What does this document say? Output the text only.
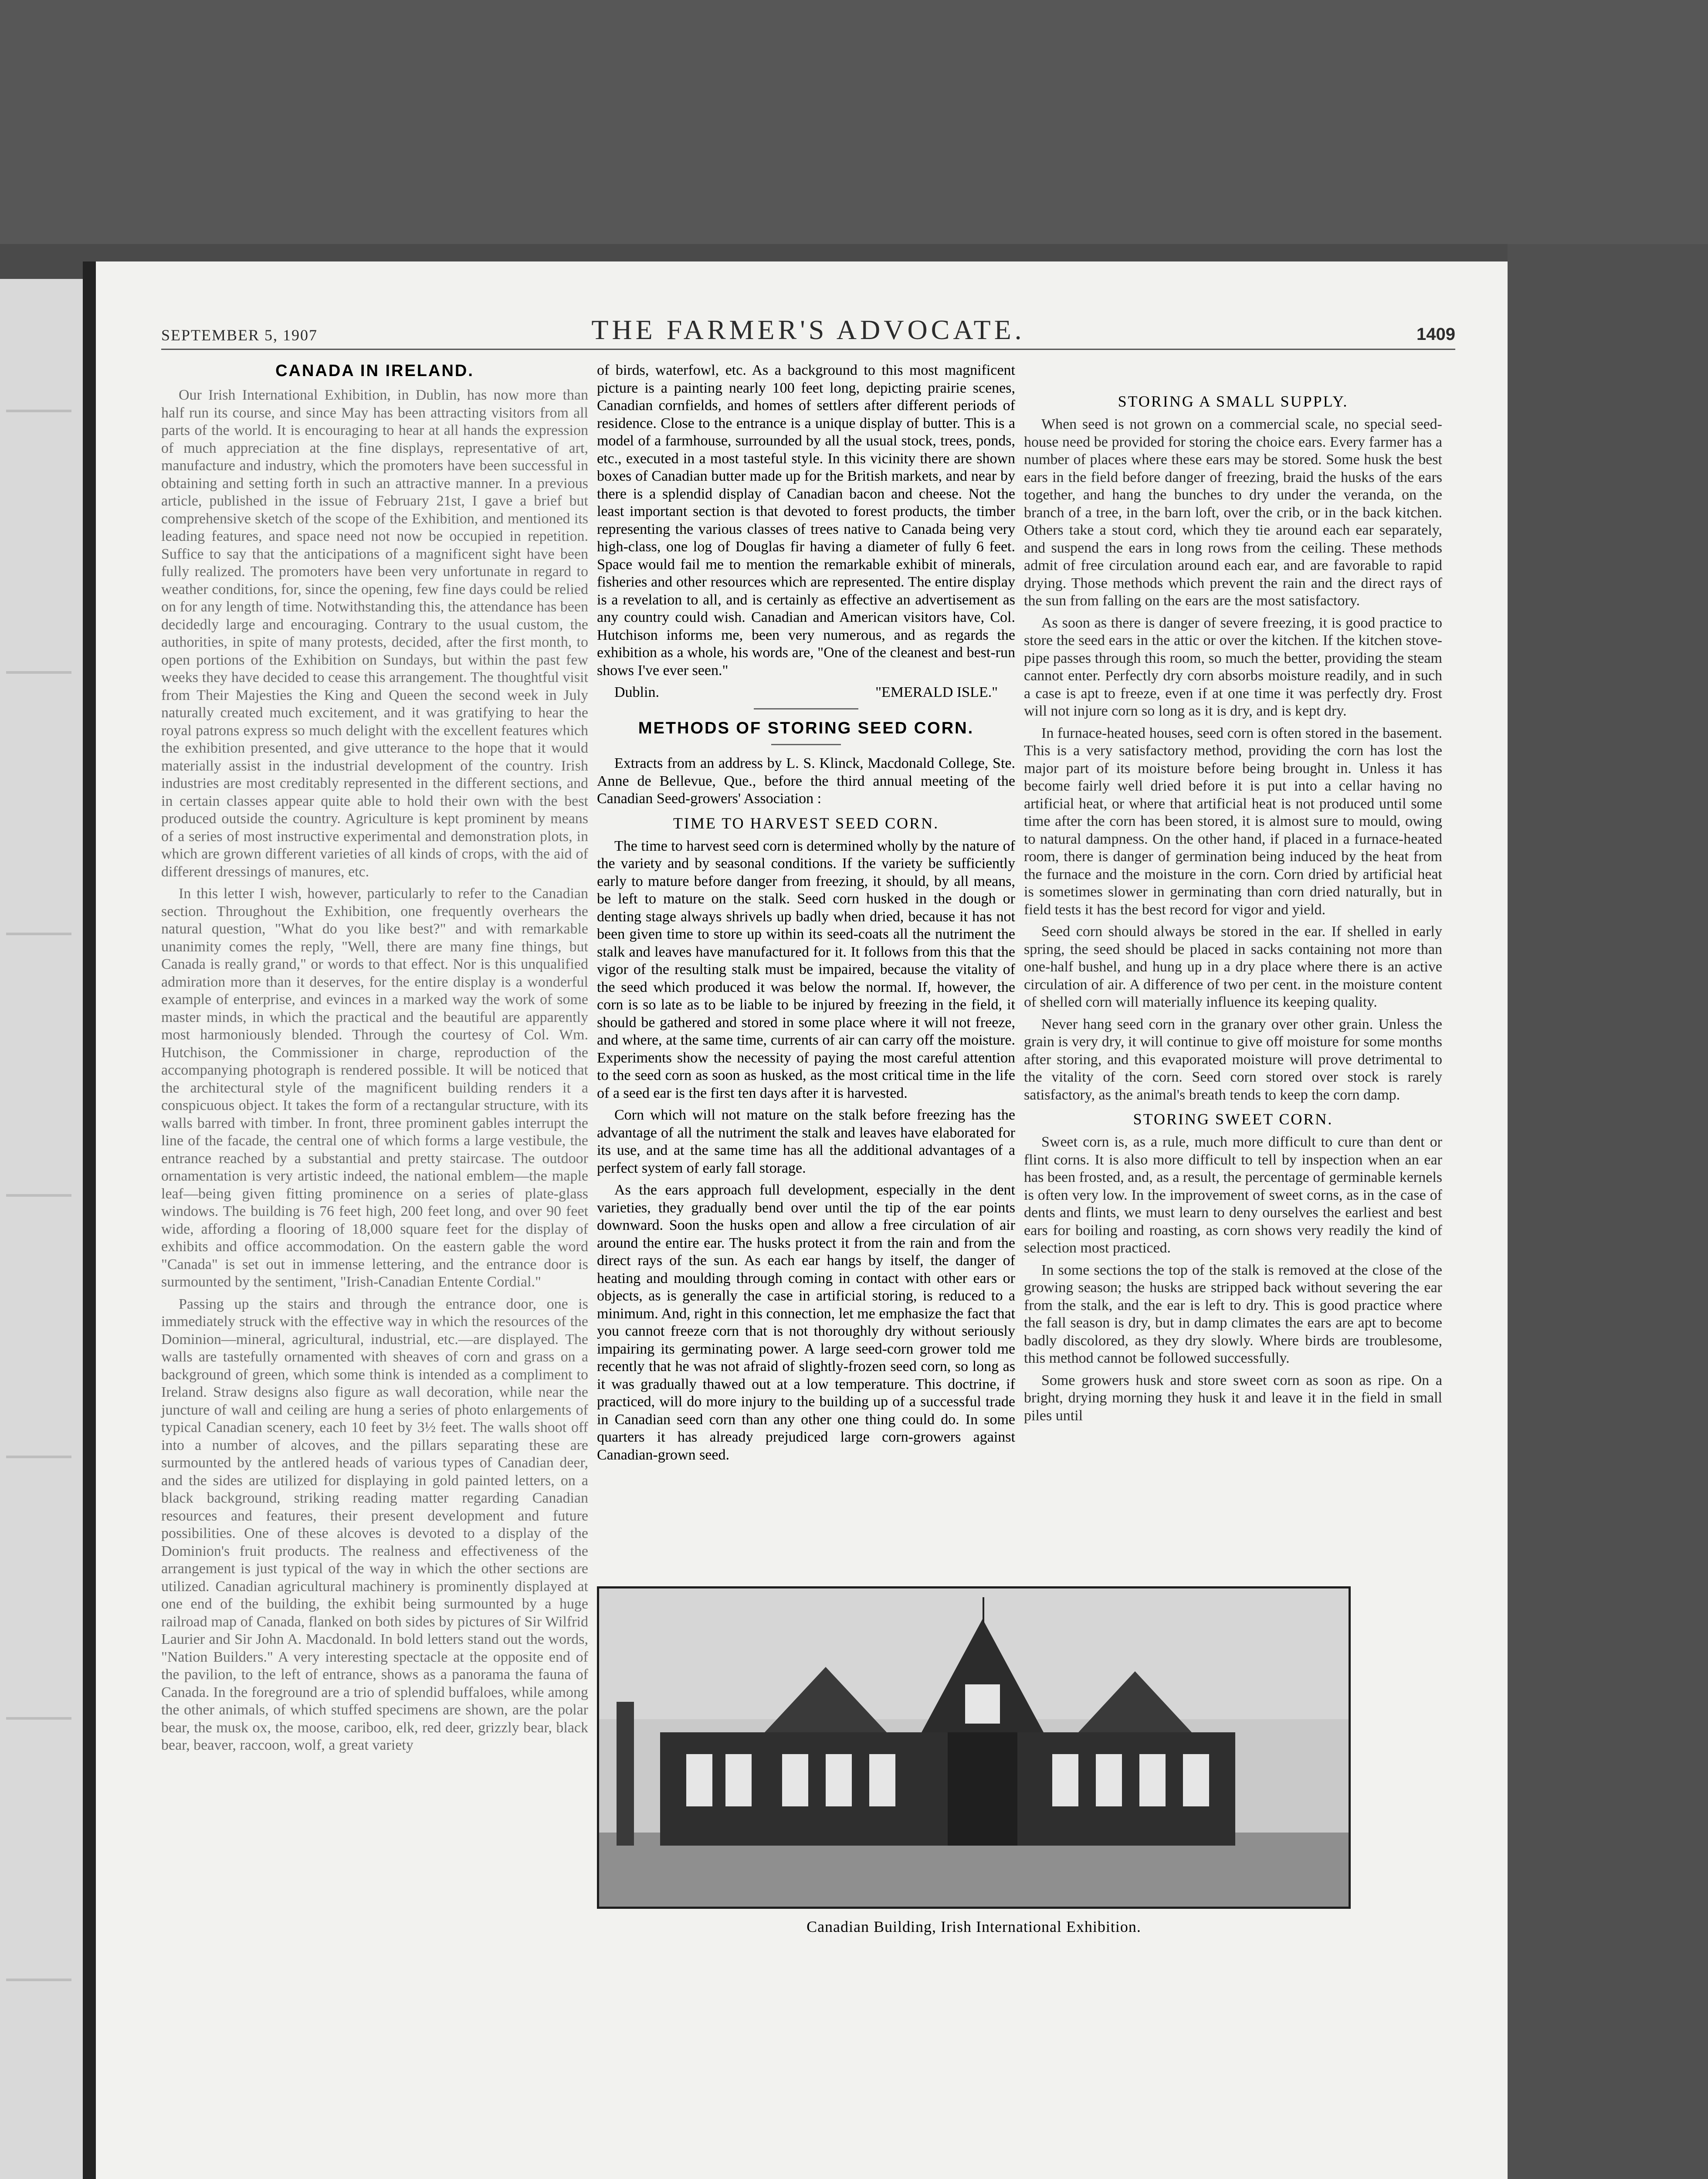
SEPTEMBER 5, 1907	THE FARMER'S ADVOCATE.	1409
CANADA IN IRELAND.

Our Irish International Exhibition, in Dublin, has now more than half run its course, and since May has been attracting visitors from all parts of the world. It is encouraging to hear at all hands the expression of much appreciation at the fine displays, representative of art, manufacture and industry, which the promoters have been successful in obtaining and setting forth in such an attractive manner. In a previous article, published in the issue of February 21st, I gave a brief but comprehensive sketch of the scope of the Exhibition, and mentioned its leading features, and space need not now be occupied in repetition. Suffice to say that the anticipations of a magnificent sight have been fully realized. The promoters have been very unfortunate in regard to weather conditions, for, since the opening, few fine days could be relied on for any length of time. Notwithstanding this, the attendance has been decidedly large and encouraging. Contrary to the usual custom, the authorities, in spite of many protests, decided, after the first month, to open portions of the Exhibition on Sundays, but within the past few weeks they have decided to cease this arrangement. The thoughtful visit from Their Majesties the King and Queen the second week in July naturally created much excitement, and it was gratifying to hear the royal patrons express so much delight with the excellent features which the exhibition presented, and give utterance to the hope that it would materially assist in the industrial development of the country. Irish industries are most creditably represented in the different sections, and in certain classes appear quite able to hold their own with the best produced outside the country. Agriculture is kept prominent by means of a series of most instructive experimental and demonstration plots, in which are grown different varieties of all kinds of crops, with the aid of different dressings of manures, etc.

In this letter I wish, however, particularly to refer to the Canadian section. Throughout the Exhibition, one frequently overhears the natural question, "What do you like best?" and with remarkable unanimity comes the reply, "Well, there are many fine things, but Canada is really grand," or words to that effect. Nor is this unqualified admiration more than it deserves, for the entire display is a wonderful example of enterprise, and evinces in a marked way the work of some master minds, in which the practical and the beautiful are apparently most harmoniously blended. Through the courtesy of Col. Wm. Hutchison, the Commissioner in charge, reproduction of the accompanying photograph is rendered possible. It will be noticed that the architectural style of the magnificent building renders it a conspicuous object. It takes the form of a rectangular structure, with its walls barred with timber. In front, three prominent gables interrupt the line of the facade, the central one of which forms a large vestibule, the entrance reached by a substantial and pretty staircase. The outdoor ornamentation is very artistic indeed, the national emblem—the maple leaf—being given fitting prominence on a series of plate-glass windows. The building is 76 feet high, 200 feet long, and over 90 feet wide, affording a flooring of 18,000 square feet for the display of exhibits and office accommodation. On the eastern gable the word "Canada" is set out in immense lettering, and the entrance door is surmounted by the sentiment, "Irish-Canadian Entente Cordial."

Passing up the stairs and through the entrance door, one is immediately struck with the effective way in which the resources of the Dominion—mineral, agricultural, industrial, etc.—are displayed. The walls are tastefully ornamented with sheaves of corn and grass on a background of green, which some think is intended as a compliment to Ireland. Straw designs also figure as wall decoration, while near the juncture of wall and ceiling are hung a series of photo enlargements of typical Canadian scenery, each 10 feet by 3½ feet. The walls shoot off into a number of alcoves, and the pillars separating these are surmounted by the antlered heads of various types of Canadian deer, and the sides are utilized for displaying in gold painted letters, on a black background, striking reading matter regarding Canadian resources and features, their present development and future possibilities. One of these alcoves is devoted to a display of the Dominion's fruit products. The realness and effectiveness of the arrangement is just typical of the way in which the other sections are utilized. Canadian agricultural machinery is prominently displayed at one end of the building, the exhibit being surmounted by a huge railroad map of Canada, flanked on both sides by pictures of Sir Wilfrid Laurier and Sir John A. Macdonald. In bold letters stand out the words, "Nation Builders." A very interesting spectacle at the opposite end of the pavilion, to the left of entrance, shows as a panorama the fauna of Canada. In the foreground are a trio of splendid buffaloes, while among the other animals, of which stuffed specimens are shown, are the polar bear, the musk ox, the moose, cariboo, elk, red deer, grizzly bear, black bear, beaver, raccoon, wolf, a great variety

of birds, waterfowl, etc. As a background to this most magnificent picture is a painting nearly 100 feet long, depicting prairie scenes, Canadian cornfields, and homes of settlers after different periods of residence. Close to the entrance is a unique display of butter. This is a model of a farmhouse, surrounded by all the usual stock, trees, ponds, etc., executed in a most tasteful style. In this vicinity there are shown boxes of Canadian butter made up for the British markets, and near by there is a splendid display of Canadian bacon and cheese. Not the least important section is that devoted to forest products, the timber representing the various classes of trees native to Canada being very high-class, one log of Douglas fir having a diameter of fully 6 feet. Space would fail me to mention the remarkable exhibit of minerals, fisheries and other resources which are represented. The entire display is a revelation to all, and is certainly as effective an advertisement as any country could wish. Canadian and American visitors have, Col. Hutchison informs me, been very numerous, and as regards the exhibition as a whole, his words are, "One of the cleanest and best-run shows I've ever seen."

Dublin.	"EMERALD ISLE."
METHODS OF STORING SEED CORN.

Extracts from an address by L. S. Klinck, Macdonald College, Ste. Anne de Bellevue, Que., before the third annual meeting of the Canadian Seed-growers' Association :

TIME TO HARVEST SEED CORN.

The time to harvest seed corn is determined wholly by the nature of the variety and by seasonal conditions. If the variety be sufficiently early to mature before danger from freezing, it should, by all means, be left to mature on the stalk. Seed corn husked in the dough or denting stage always shrivels up badly when dried, because it has not been given time to store up within its seed-coats all the nutriment the stalk and leaves have manufactured for it. It follows from this that the vigor of the resulting stalk must be impaired, because the vitality of the seed which produced it was below the normal. If, however, the corn is so late as to be liable to be injured by freezing in the field, it should be gathered and stored in some place where it will not freeze, and where, at the same time, currents of air can carry off the moisture. Experiments show the necessity of paying the most careful attention to the seed corn as soon as husked, as the most critical time in the life of a seed ear is the first ten days after it is harvested.

Corn which will not mature on the stalk before freezing has the advantage of all the nutriment the stalk and leaves have elaborated for its use, and at the same time has all the additional advantages of a perfect system of early fall storage.

As the ears approach full development, especially in the dent varieties, they gradually bend over until the tip of the ear points downward. Soon the husks open and allow a free circulation of air around the entire ear. The husks protect it from the rain and from the direct rays of the sun. As each ear hangs by itself, the danger of heating and moulding through coming in contact with other ears or objects, as is generally the case in artificial storing, is reduced to a minimum. And, right in this connection, let me emphasize the fact that you cannot freeze corn that is not thoroughly dry without seriously impairing its germinating power. A large seed-corn grower told me recently that he was not afraid of slightly-frozen seed corn, so long as it was gradually thawed out at a low temperature. This doctrine, if practiced, will do more injury to the building up of a successful trade in Canadian seed corn than any other one thing could do. In some quarters it has already prejudiced large corn-growers against Canadian-grown seed.

STORING A SMALL SUPPLY.

When seed is not grown on a commercial scale, no special seed-house need be provided for storing the choice ears. Every farmer has a number of places where these ears may be stored. Some husk the best ears in the field before danger of freezing, braid the husks of the ears together, and hang the bunches to dry under the veranda, on the branch of a tree, in the barn loft, over the crib, or in the back kitchen. Others take a stout cord, which they tie around each ear separately, and suspend the ears in long rows from the ceiling. These methods admit of free circulation around each ear, and are favorable to rapid drying. Those methods which prevent the rain and the direct rays of the sun from falling on the ears are the most satisfactory.

As soon as there is danger of severe freezing, it is good practice to store the seed ears in the attic or over the kitchen. If the kitchen stove-pipe passes through this room, so much the better, providing the steam cannot enter. Perfectly dry corn absorbs moisture readily, and in such a case is apt to freeze, even if at one time it was perfectly dry. Frost will not injure corn so long as it is dry, and is kept dry.

In furnace-heated houses, seed corn is often stored in the basement. This is a very satisfactory method, providing the corn has lost the major part of its moisture before being brought in. Unless it has become fairly well dried before it is put into a cellar having no artificial heat, or where that artificial heat is not produced until some time after the corn has been stored, it is almost sure to mould, owing to natural dampness. On the other hand, if placed in a furnace-heated room, there is danger of germination being induced by the heat from the furnace and the moisture in the corn. Corn dried by artificial heat is sometimes slower in germinating than corn dried naturally, but in field tests it has the best record for vigor and yield.

Seed corn should always be stored in the ear. If shelled in early spring, the seed should be placed in sacks containing not more than one-half bushel, and hung up in a dry place where there is an active circulation of air. A difference of two per cent. in the moisture content of shelled corn will materially influence its keeping quality.

Never hang seed corn in the granary over other grain. Unless the grain is very dry, it will continue to give off moisture for some months after storing, and this evaporated moisture will prove detrimental to the vitality of the corn. Seed corn stored over stock is rarely satisfactory, as the animal's breath tends to keep the corn damp.

STORING SWEET CORN.

Sweet corn is, as a rule, much more difficult to cure than dent or flint corns. It is also more difficult to tell by inspection when an ear has been frosted, and, as a result, the percentage of germinable kernels is often very low. In the improvement of sweet corns, as in the case of dents and flints, we must learn to deny ourselves the earliest and best ears for boiling and roasting, as corn shows very readily the kind of selection most practiced.

In some sections the top of the stalk is removed at the close of the growing season; the husks are stripped back without severing the ear from the stalk, and the ear is left to dry. This is good practice where the fall season is dry, but in damp climates the ears are apt to become badly discolored, as they dry slowly. Where birds are troublesome, this method cannot be followed successfully.

Some growers husk and store sweet corn as soon as ripe. On a bright, drying morning they husk it and leave it in the field in small piles until

Canadian Building, Irish International Exhibition.
